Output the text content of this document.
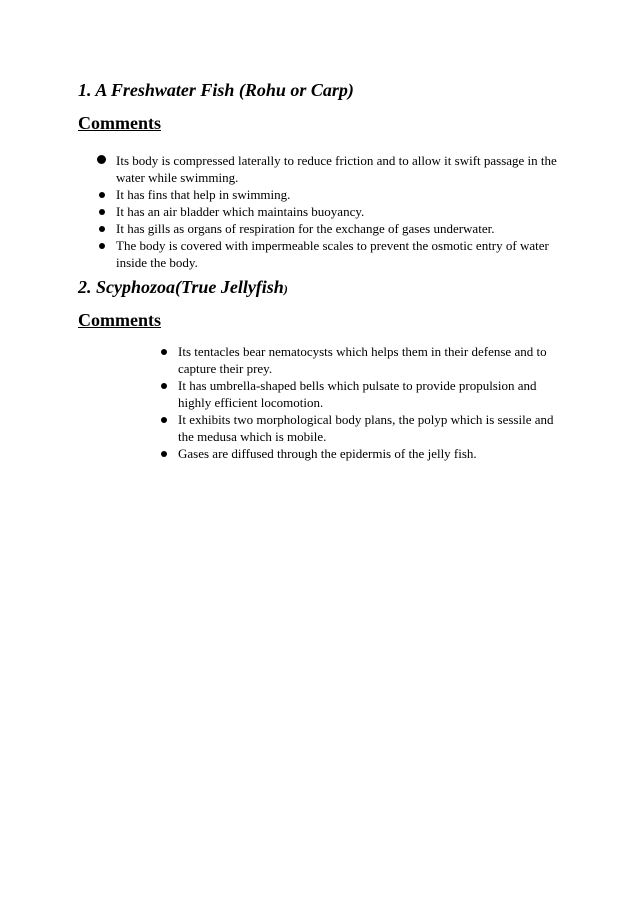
1. A Freshwater Fish (Rohu or Carp)
Comments
Its body is compressed laterally to reduce friction and to allow it swift passage in the water while swimming.
It has fins that help in swimming.
It has an air bladder which maintains buoyancy.
It has gills as organs of respiration for the exchange of gases underwater.
The body is covered with impermeable scales to prevent the osmotic entry of water inside the body.
2. Scyphozoa(True Jellyfish)
Comments
Its tentacles bear nematocysts which helps them in their defense and to capture their prey.
It has umbrella-shaped bells which pulsate to provide propulsion and highly efficient locomotion.
It exhibits two morphological body plans, the polyp which is sessile and the medusa which is mobile.
Gases are diffused through the epidermis of the jelly fish.
